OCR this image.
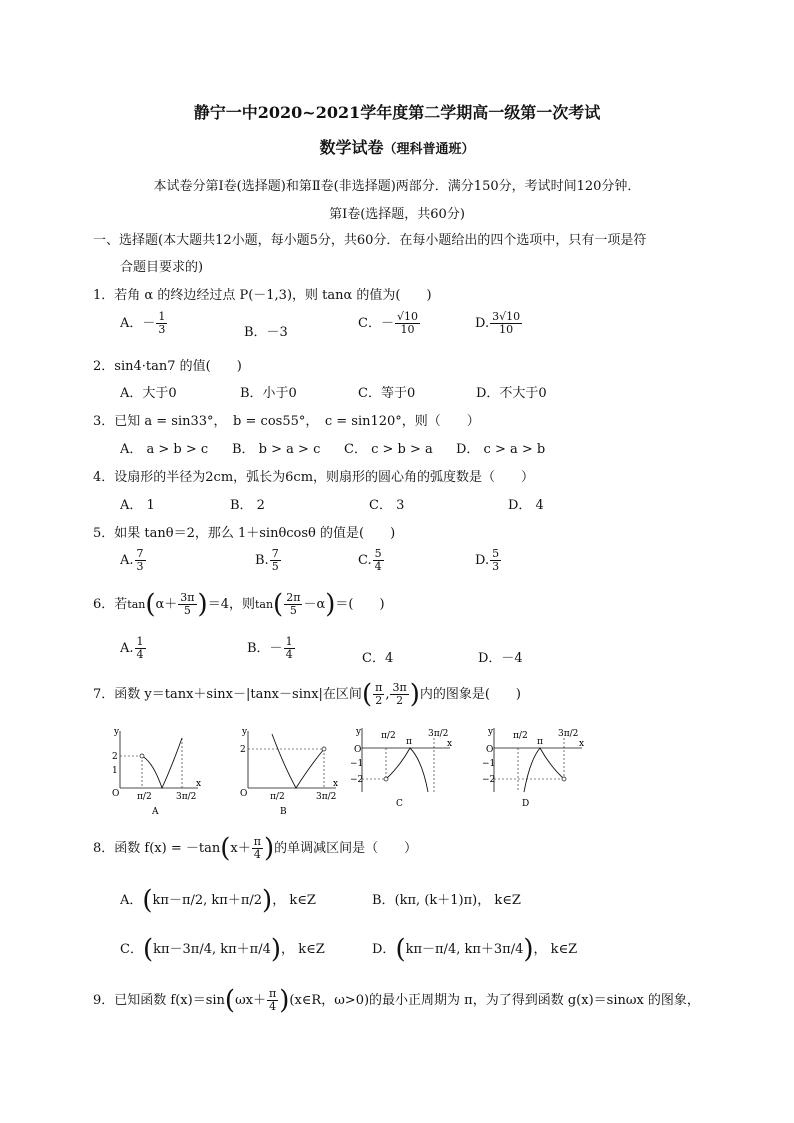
静宁一中2020~2021学年度第二学期高一级第一次考试
数学试卷（理科普通班）
本试卷分第Ⅰ卷(选择题)和第Ⅱ卷(非选择题)两部分．满分150分，考试时间120分钟．
第Ⅰ卷(选择题，共60分)
一、选择题(本大题共12小题，每小题5分，共60分．在每小题给出的四个选项中，只有一项是符
合题目要求的)
1．若角 α 的终边经过点 P(－1,3)，则 tanα 的值为(　　)
A．－ $\frac{1}{3}$	B．－3
C．－ $\frac{√10}{10}$	D. $\frac{3√10}{10}$
2．sin4·tan7 的值(　　)
A．大于0	B．小于0	C．等于0	D．不大于0
3．已知 a = sin33°，　b = cos55°，　c = sin120°，则（　　）
A． a > b > c B． b > a > c C． c > b > a D． c > a > b
4．设扇形的半径为2cm，弧长为6cm，则扇形的圆心角的弧度数是（　　）
A． 1	B． 2	C． 3	D． 4
5．如果 tanθ＝2，那么 1＋sinθcosθ 的值是(　　)
A. $\frac{7}{3}$	B. $\frac{7}{5}$	C. $\frac{5}{4}$	D. $\frac{5}{3}$
6．若$\tan(\alpha+ \frac{3\pi}{5} )=4$，则$\tan( \frac{2\pi}{5} -\alpha)=$(　　)
A. $\frac{1}{4}$	B．－ $\frac{1}{4}$	C．4	D．－4
7．函数 y＝tanx＋sinx－|tanx－sinx|在区间( $\frac{\pi}{2}$ , $\frac{3\pi}{2}$ )内的图象是(　　)
y
x
O
2
1
π/2	3π/2
A
y
x
O
2
π/2	3π/2
B
y
x
O
−1
−2
π/2
π
3π/2
C
y
x
O
−1
−2
π/2
π
3π/2
D
8．函数 $f(x) = -\tan(x+ \frac{\pi}{4}$ )的单调减区间是（　　）
A．(kπ－π/2, kπ＋π/2)， k∈Z	B．(kπ, (k＋1)π)， k∈Z
C．(kπ－3π/4, kπ＋π/4)， k∈Z	D．(kπ－π/4, kπ＋3π/4)， k∈Z
9．已知函数 $f(x)=\sin(\omega x+ \frac{\pi}{4}$ )(x∈R，ω>0)的最小正周期为 π，为了得到函数 g(x)＝sinωx 的图象，
